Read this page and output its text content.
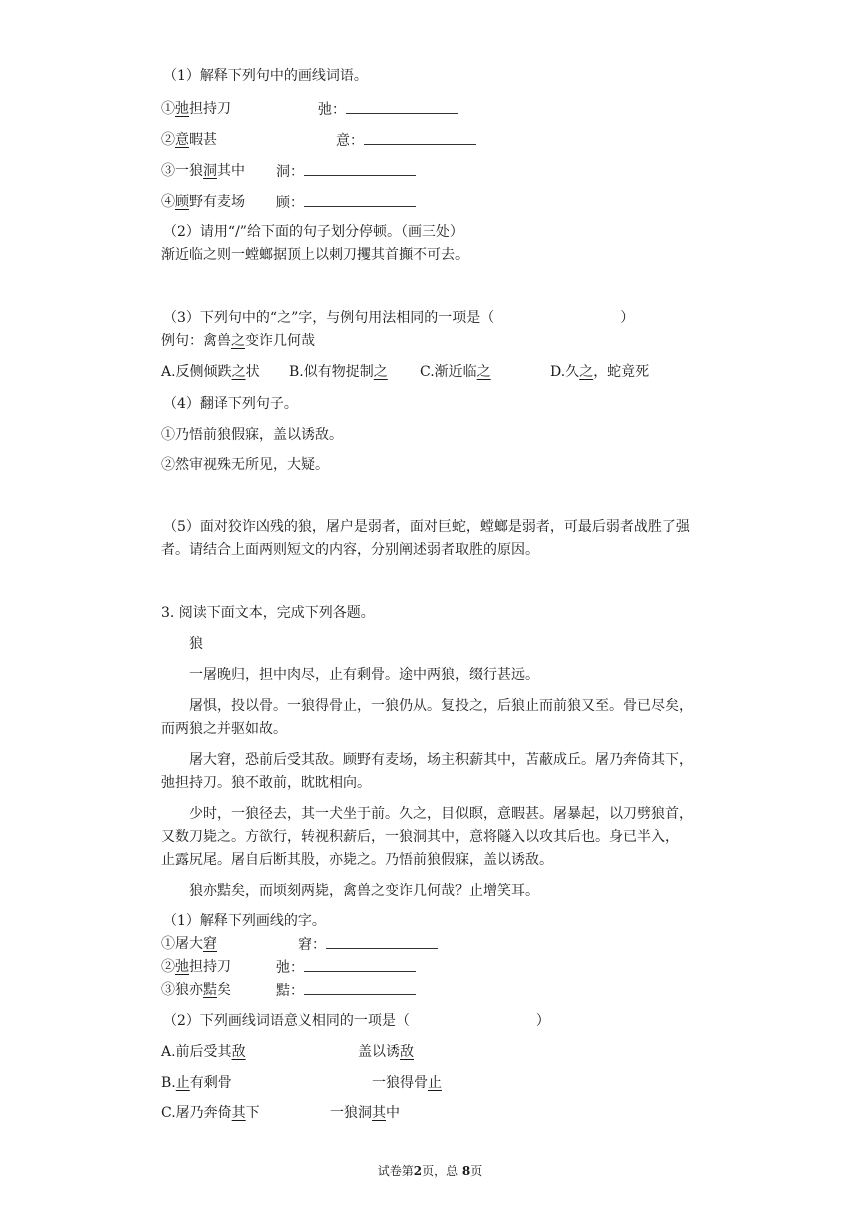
（1）解释下列句中的画线词语。
①弛担持刀	弛：
②意暇甚	意：
③一狼洞其中 洞：
④顾野有麦场 顾：
（2）请用“/”给下面的句子划分停顿。（画三处）
渐近临之则一螳螂据顶上以刺刀攫其首攧不可去。
（3）下列句中的“之”字，与例句用法相同的一项是（	）
例句：禽兽之变诈几何哉
A.反侧倾跌之状 B.似有物捉制之 C.渐近临之	D.久之，蛇竟死
（4）翻译下列句子。
①乃悟前狼假寐，盖以诱敌。
②然审视殊无所见，大疑。
（5）面对狡诈凶残的狼，屠户是弱者，面对巨蛇，螳螂是弱者，可最后弱者战胜了强
者。请结合上面两则短文的内容，分别阐述弱者取胜的原因。
3. 阅读下面文本，完成下列各题。
狼
一屠晚归，担中肉尽，止有剩骨。途中两狼，缀行甚远。
屠惧，投以骨。一狼得骨止，一狼仍从。复投之，后狼止而前狼又至。骨已尽矣，
而两狼之并驱如故。
屠大窘，恐前后受其敌。顾野有麦场，场主积薪其中，苫蔽成丘。屠乃奔倚其下，
弛担持刀。狼不敢前，眈眈相向。
少时，一狼径去，其一犬坐于前。久之，目似瞑，意暇甚。屠暴起，以刀劈狼首，
又数刀毙之。方欲行，转视积薪后，一狼洞其中，意将隧入以攻其后也。身已半入，
止露尻尾。屠自后断其股，亦毙之。乃悟前狼假寐，盖以诱敌。
狼亦黠矣，而顷刻两毙，禽兽之变诈几何哉？止增笑耳。
（1）解释下列画线的字。
①屠大窘	窘：
②弛担持刀	弛：
③狼亦黠矣	黠：
（2）下列画线词语意义相同的一项是（	）
A.前后受其敌	盖以诱敌
B.止有剩骨	一狼得骨止
C.屠乃奔倚其下	一狼洞其中
试卷第2页，总 8页
